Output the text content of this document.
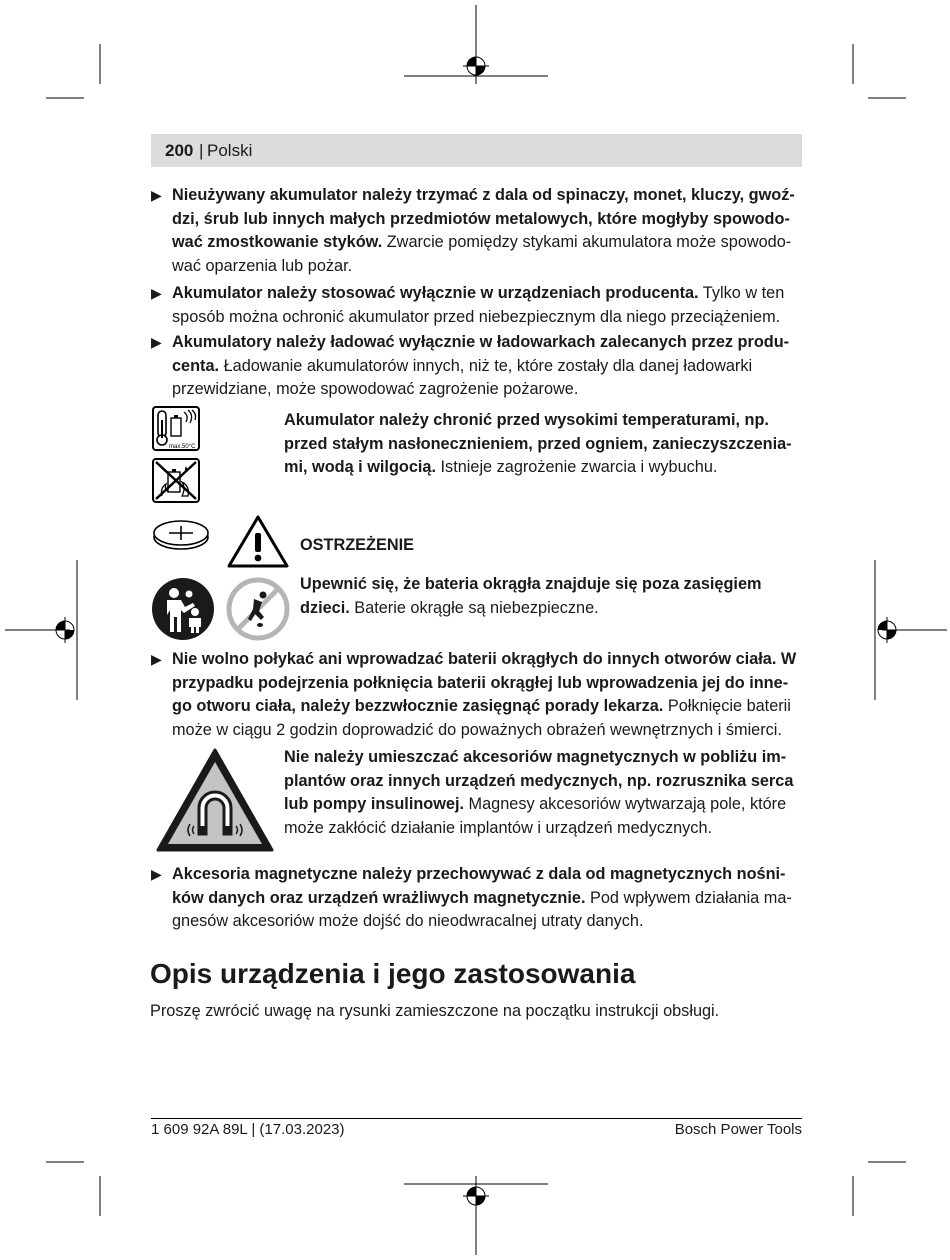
200 | Polski
▶ Nieużywany akumulator należy trzymać z dala od spinaczy, monet, kluczy, gwoździ, śrub lub innych małych przedmiotów metalowych, które mogłyby spowodować zmostkowanie styków. Zwarcie pomiędzy stykami akumulatora może spowodować oparzenia lub pożar.
▶ Akumulator należy stosować wyłącznie w urządzeniach producenta. Tylko w ten sposób można ochronić akumulator przed niebezpiecznym dla niego przeciążeniem.
▶ Akumulatory należy ładować wyłącznie w ładowarkach zalecanych przez producenta. Ładowanie akumulatorów innych, niż te, które zostały dla danej ładowarki przewidziane, może spowodować zagrożenie pożarowe.
max.50°C
Akumulator należy chronić przed wysokimi temperaturami, np. przed stałym nasłonecznieniem, przed ogniem, zanieczyszczeniami, wodą i wilgocią. Istnieje zagrożenie zwarcia i wybuchu.
OSTRZEŻENIE
Upewnić się, że bateria okrągła znajduje się poza zasięgiem dzieci. Baterie okrągłe są niebezpieczne.
▶ Nie wolno połykać ani wprowadzać baterii okrągłych do innych otworów ciała. W przypadku podejrzenia połknięcia baterii okrągłej lub wprowadzenia jej do innego otworu ciała, należy bezzwłocznie zasięgnąć porady lekarza. Połknięcie baterii może w ciągu 2 godzin doprowadzić do poważnych obrażeń wewnętrznych i śmierci.
Nie należy umieszczać akcesoriów magnetycznych w pobliżu implantów oraz innych urządzeń medycznych, np. rozrusznika serca lub pompy insulinowej. Magnesy akcesoriów wytwarzają pole, które może zakłócić działanie implantów i urządzeń medycznych.
▶ Akcesoria magnetyczne należy przechowywać z dala od magnetycznych nośników danych oraz urządzeń wrażliwych magnetycznie. Pod wpływem działania magnesów akcesoriów może dojść do nieodwracalnej utraty danych.
Opis urządzenia i jego zastosowania
Proszę zwrócić uwagę na rysunki zamieszczone na początku instrukcji obsługi.
1 609 92A 89L | (17.03.2023)	Bosch Power Tools
